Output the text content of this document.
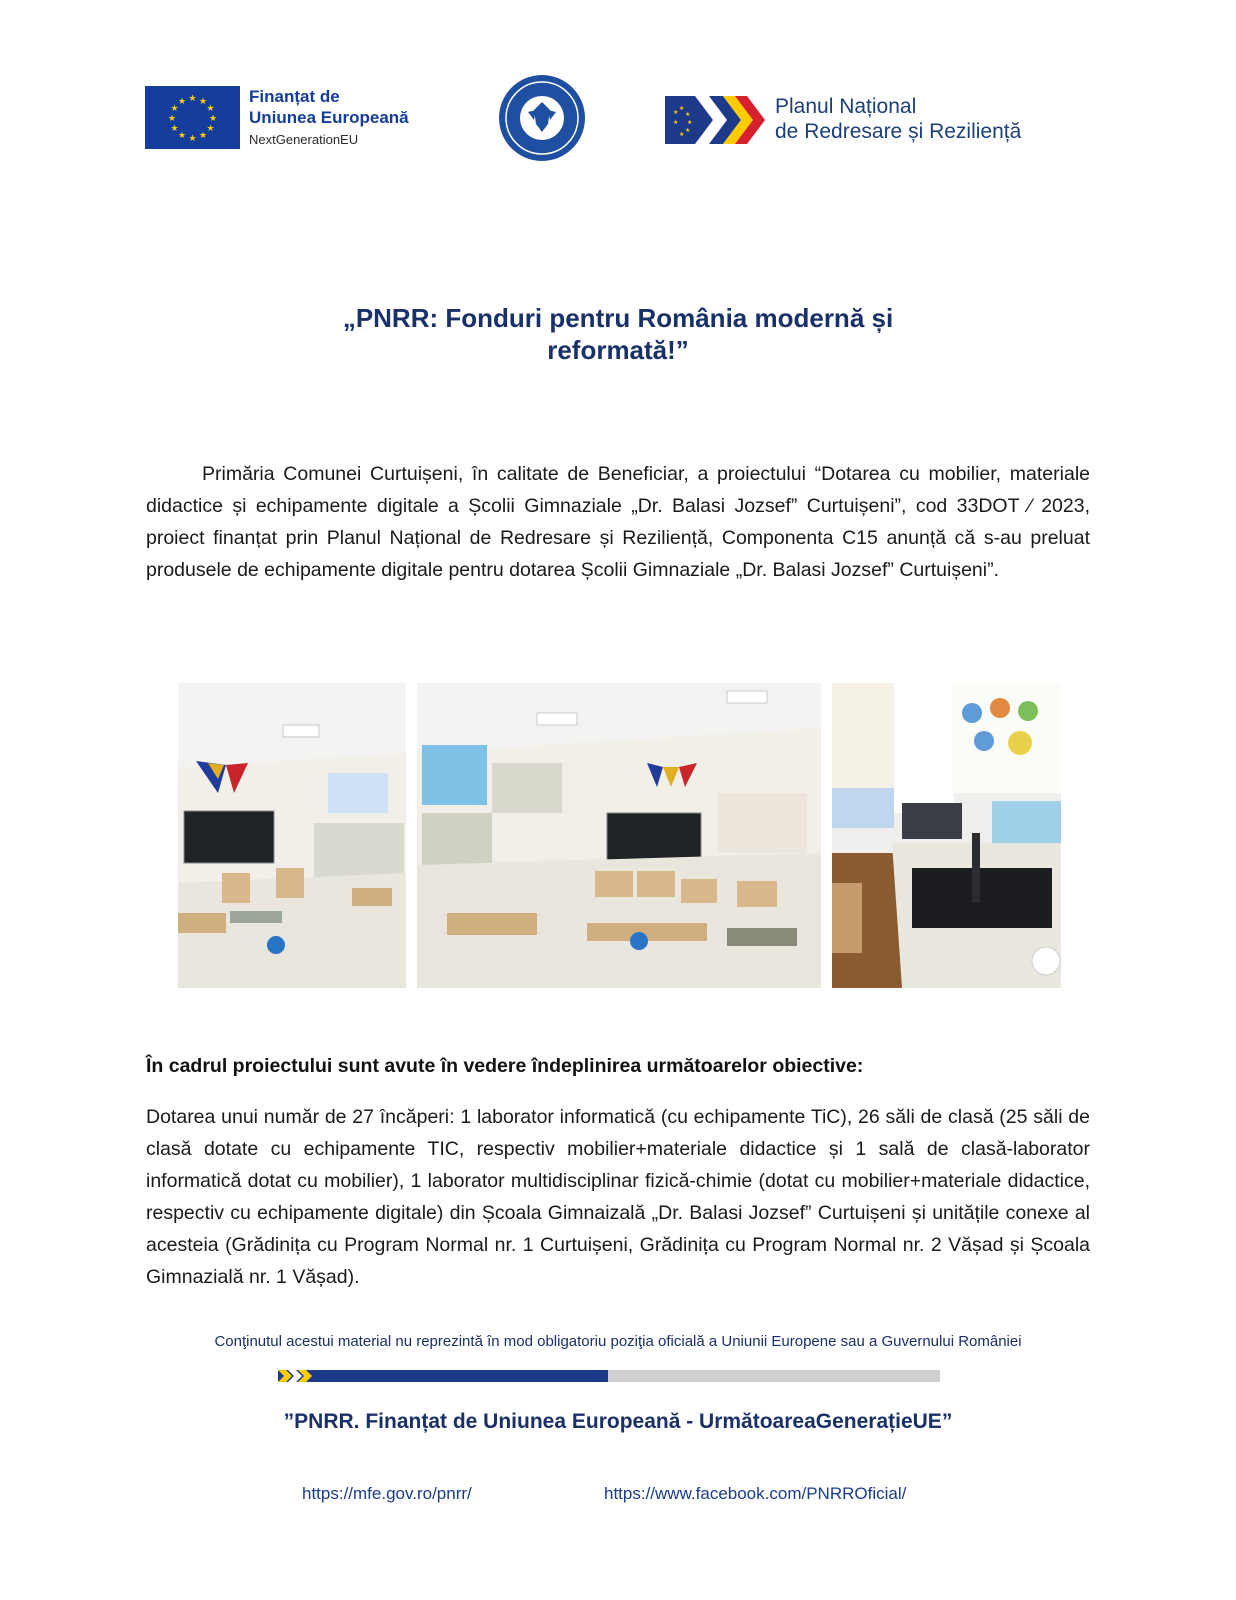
★ ★
★
★
★
★
★
★
★
★
★
★	Finanțat de
Uniunea Europeană
NextGenerationEU
★
★
★
★
★
★
★	Planul Național
de Redresare și Reziliență
„PNRR: Fonduri pentru România modernă și
reformată!”
Primăria Comunei Curtuișeni, în calitate de Beneficiar, a proiectului “Dotarea cu mobilier, materiale didactice și echipamente digitale a Școlii Gimnaziale „Dr. Balasi Jozsef” Curtuișeni”, cod 33DOT ⁄ 2023, proiect finanțat prin Planul Național de Redresare și Reziliență, Componenta C15 anunță că s-au preluat produsele de echipamente digitale pentru dotarea Școlii Gimnaziale „Dr. Balasi Jozsef” Curtuișeni”.
În cadrul proiectului sunt avute în vedere îndeplinirea următoarelor obiective:
Dotarea unui număr de 27 încăperi: 1 laborator informatică (cu echipamente TiC), 26 săli de clasă (25 săli de clasă dotate cu echipamente TIC, respectiv mobilier+materiale didactice și 1 sală de clasă-laborator informatică dotat cu mobilier), 1 laborator multidisciplinar fizică-chimie (dotat cu mobilier+materiale didactice, respectiv cu echipamente digitale) din Școala Gimnaizală „Dr. Balasi Jozsef” Curtuișeni și unitățile conexe al acesteia (Grădinița cu Program Normal nr. 1 Curtuișeni, Grădinița cu Program Normal nr. 2 Vășad și Școala Gimnazială nr. 1 Vășad).
Conţinutul acestui material nu reprezintă în mod obligatoriu poziţia oficială a Uniunii Europene sau a Guvernului României
”PNRR. Finanțat de Uniunea Europeană - UrmătoareaGenerațieUE”
https://mfe.gov.ro/pnrr/	https://www.facebook.com/PNRROficial/
